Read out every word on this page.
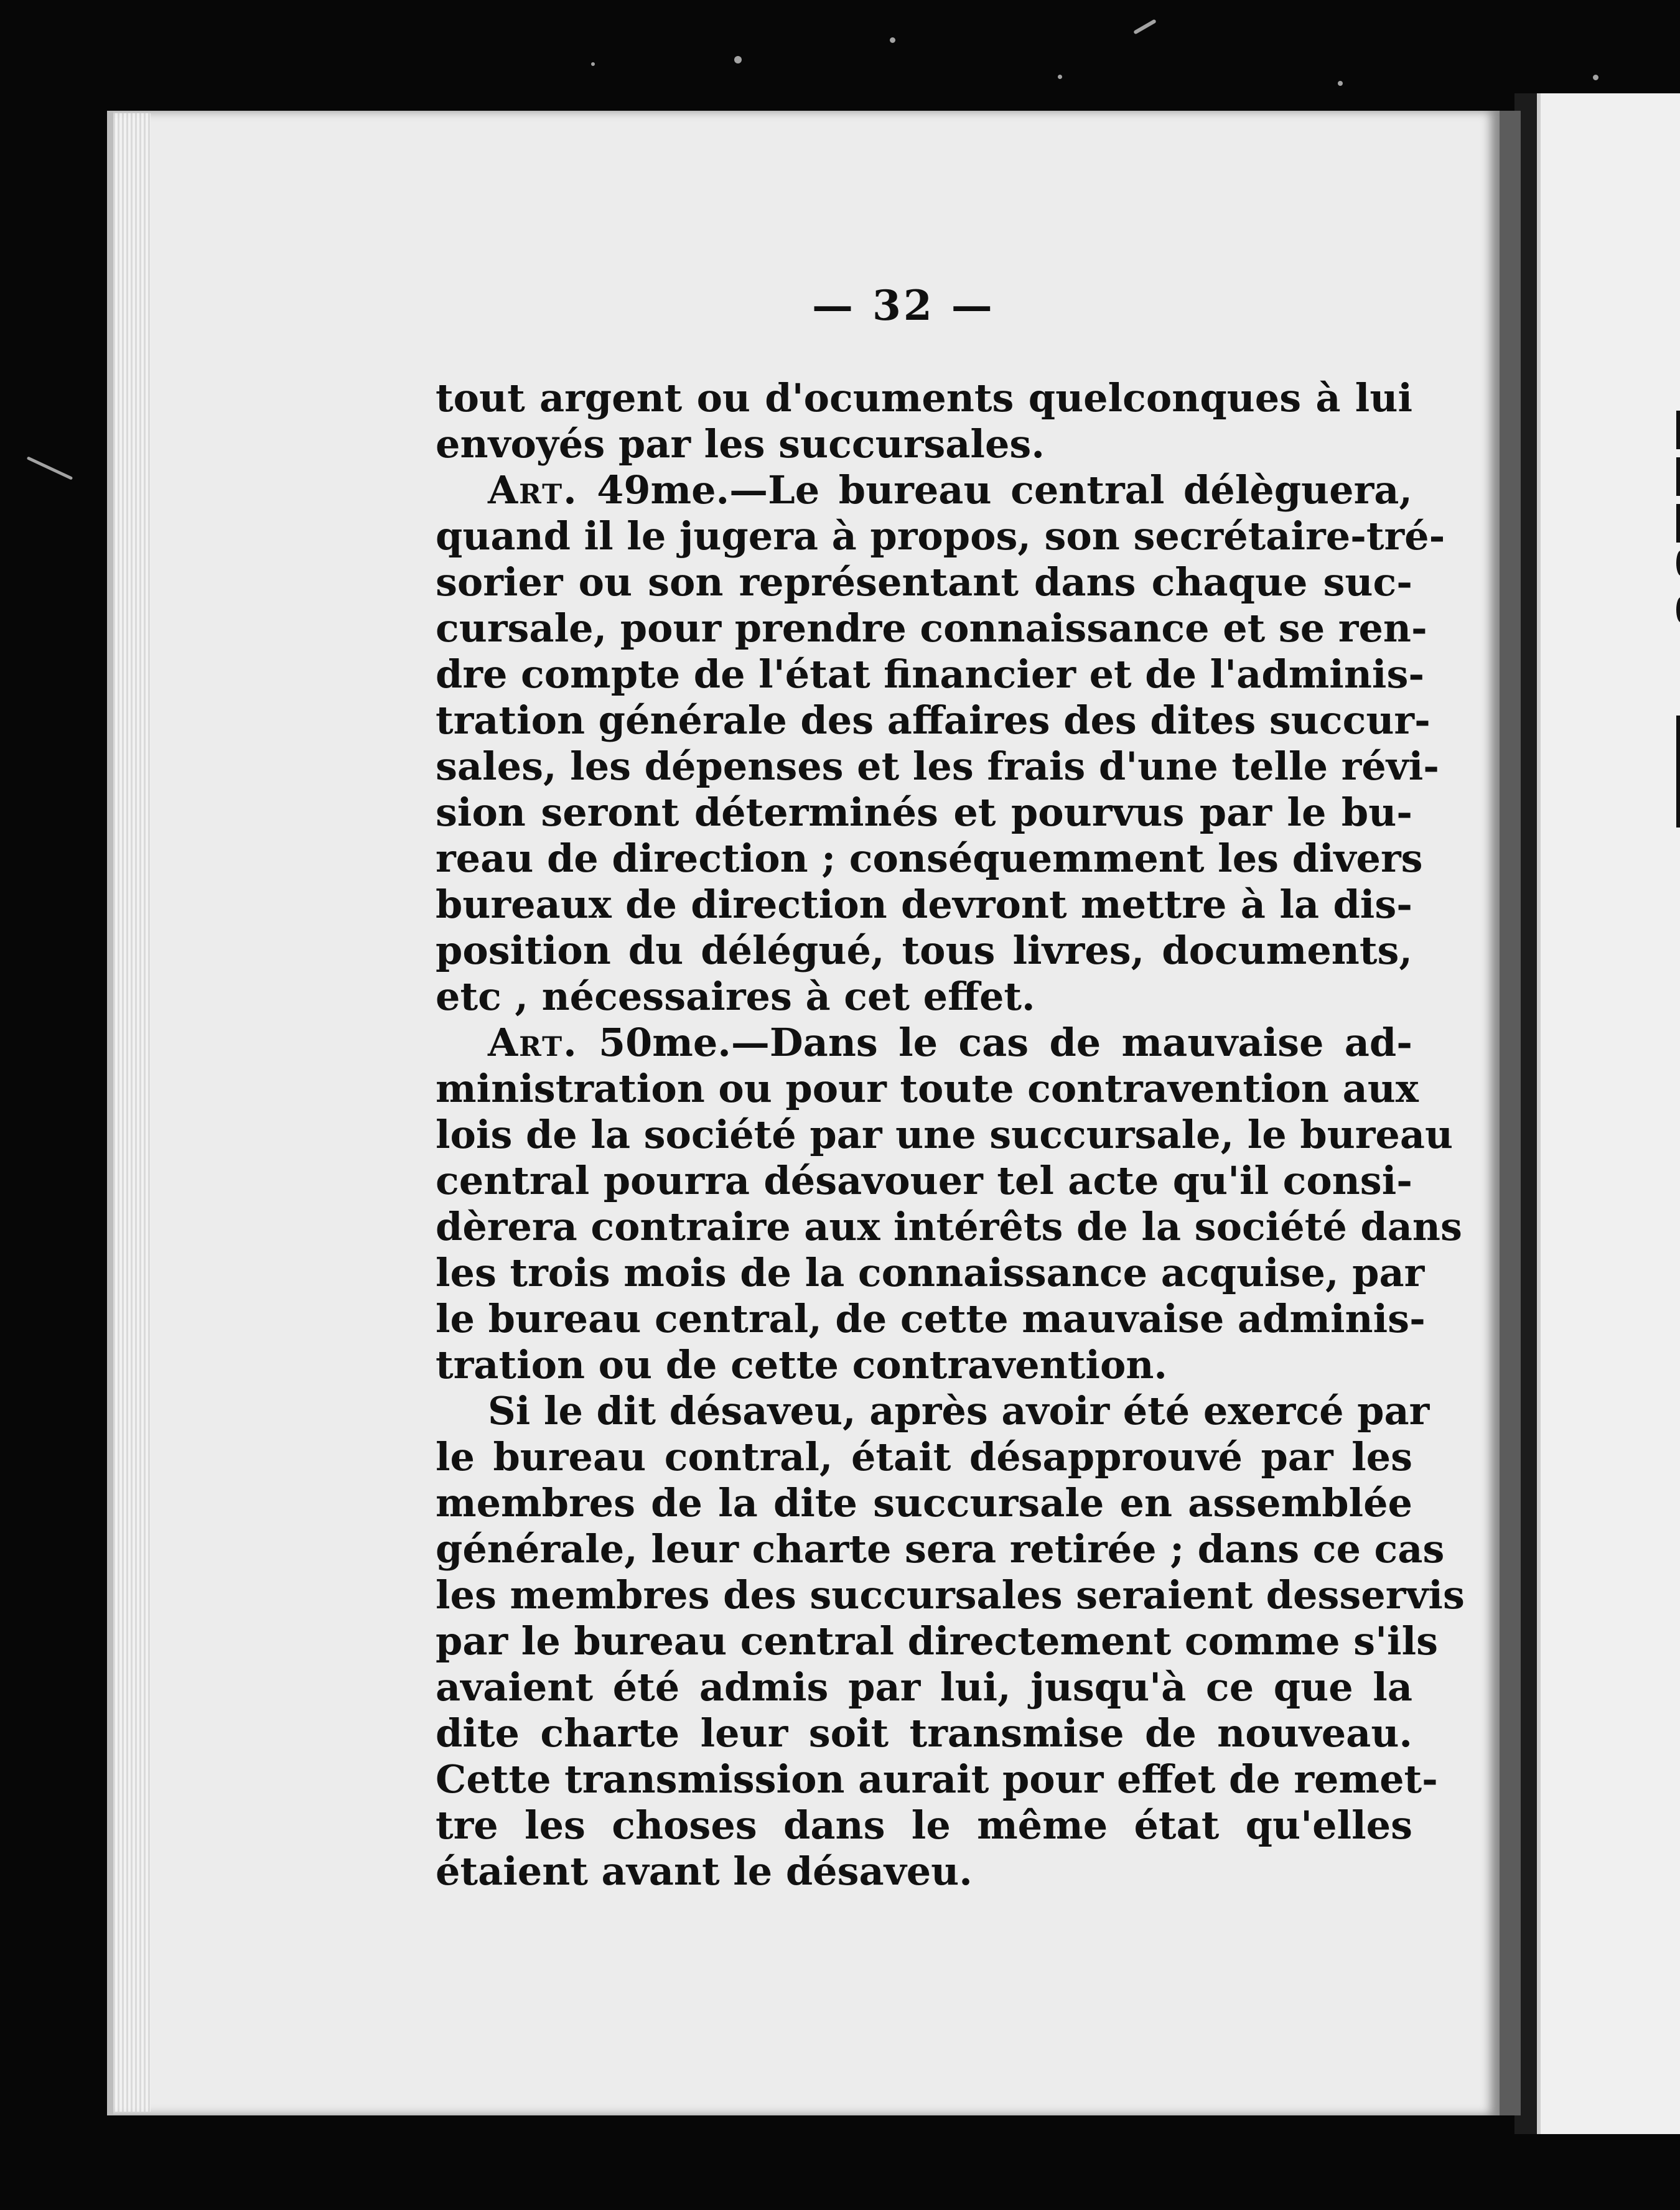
— 32 —
tout argent ou d'ocuments quelconques à lui
envoyés par les succursales.
Art. 49me.—Le bureau central délèguera,
quand il le jugera à propos, son secrétaire-tré-
sorier ou son représentant dans chaque suc-
cursale, pour prendre connaissance et se ren-
dre compte de l'état financier et de l'adminis-
tration générale des affaires des dites succur-
sales, les dépenses et les frais d'une telle révi-
sion seront déterminés et pourvus par le bu-
reau de direction ; conséquemment les divers
bureaux de direction devront mettre à la dis-
position du délégué, tous livres, documents,
etc , nécessaires à cet effet.
Art. 50me.—Dans le cas de mauvaise ad-
ministration ou pour toute contravention aux
lois de la société par une succursale, le bureau
central pourra désavouer tel acte qu'il consi-
dèrera contraire aux intérêts de la société dans
les trois mois de la connaissance acquise, par
le bureau central, de cette mauvaise adminis-
tration ou de cette contravention.
Si le dit désaveu, après avoir été exercé par
le bureau contral, était désapprouvé par les
membres de la dite succursale en assemblée
générale, leur charte sera retirée ; dans ce cas
les membres des succursales seraient desservis
par le bureau central directement comme s'ils
avaient été admis par lui, jusqu'à ce que la
dite charte leur soit transmise de nouveau.
Cette transmission aurait pour effet de remet-
tre les choses dans le même état qu'elles
étaient avant le désaveu.
